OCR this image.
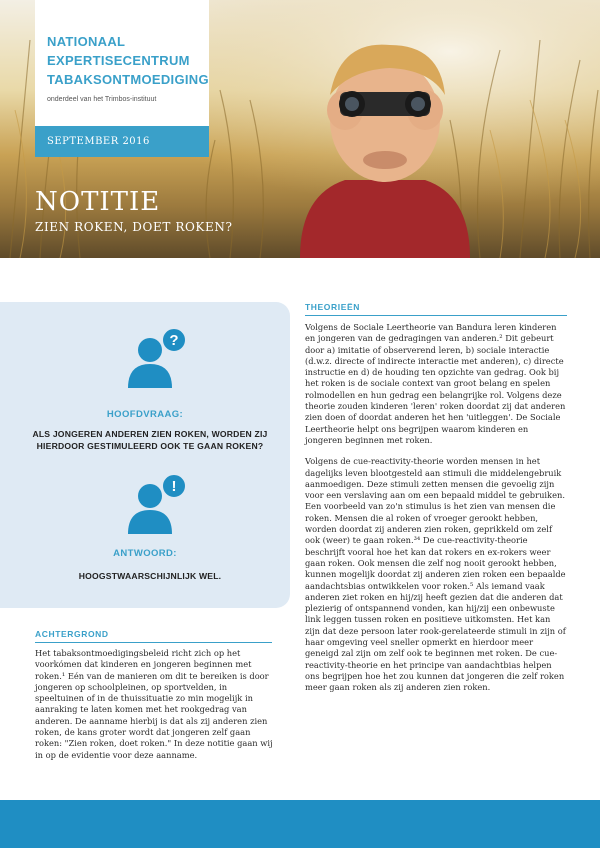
NATIONAAL
EXPERTISECENTRUM
TABAKSONTMOEDIGING
onderdeel van het Trimbos-instituut
SEPTEMBER 2016
NOTITIE
ZIEN ROKEN, DOET ROKEN?
?
HOOFDVRAAG:
ALS JONGEREN ANDEREN ZIEN ROKEN, WORDEN ZIJ HIERDOOR GESTIMULEERD OOK TE GAAN ROKEN?
!
ANTWOORD:
HOOGSTWAARSCHIJNLIJK WEL.
ACHTERGROND

Het tabaksontmoedigingsbeleid richt zich op het voorkómen dat kinderen en jongeren beginnen met roken.¹ Eén van de manieren om dit te bereiken is door jongeren op schoolpleinen, op sportvelden, in speeltuinen of in de thuissituatie zo min mogelijk in aanraking te laten komen met het rookgedrag van anderen. De aanname hierbij is dat als zij anderen zien roken, de kans groter wordt dat jongeren zelf gaan roken: "Zien roken, doet roken." In deze notitie gaan wij in op de evidentie voor deze aanname.

THEORIEËN

Volgens de Sociale Leertheorie van Bandura leren kinderen en jongeren van de gedragingen van anderen.² Dit gebeurt door a) imitatie of observerend leren, b) sociale interactie (d.w.z. directe of indirecte interactie met anderen), c) directe instructie en d) de houding ten opzichte van gedrag. Ook bij het roken is de sociale context van groot belang en spelen rolmodellen en hun gedrag een belangrijke rol. Volgens deze theorie zouden kinderen 'leren' roken doordat zij dat anderen zien doen of doordat anderen het hen 'uitleggen'. De Sociale Leertheorie helpt ons begrijpen waarom kinderen en jongeren beginnen met roken.

Volgens de cue-reactivity-theorie worden mensen in het dagelijks leven blootgesteld aan stimuli die middelengebruik aanmoedigen. Deze stimuli zetten mensen die gevoelig zijn voor een verslaving aan om een bepaald middel te gebruiken. Een voorbeeld van zo'n stimulus is het zien van mensen die roken. Mensen die al roken of vroeger gerookt hebben, worden doordat zij anderen zien roken, geprikkeld om zelf ook (weer) te gaan roken.³⁴ De cue-reactivity-theorie beschrijft vooral hoe het kan dat rokers en ex-rokers weer gaan roken. Ook mensen die zelf nog nooit gerookt hebben, kunnen mogelijk doordat zij anderen zien roken een bepaalde aandachtsbias ontwikkelen voor roken.⁵ Als iemand vaak anderen ziet roken en hij/zij heeft gezien dat die anderen dat plezierig of ontspannend vonden, kan hij/zij een onbewuste link leggen tussen roken en positieve uitkomsten. Het kan zijn dat deze persoon later rook-gerelateerde stimuli in zijn of haar omgeving veel sneller opmerkt en hierdoor meer geneigd zal zijn om zelf ook te beginnen met roken. De cue-reactivity-theorie en het principe van aandachtbias helpen ons begrijpen hoe het zou kunnen dat jongeren die zelf roken meer gaan roken als zij anderen zien roken.
